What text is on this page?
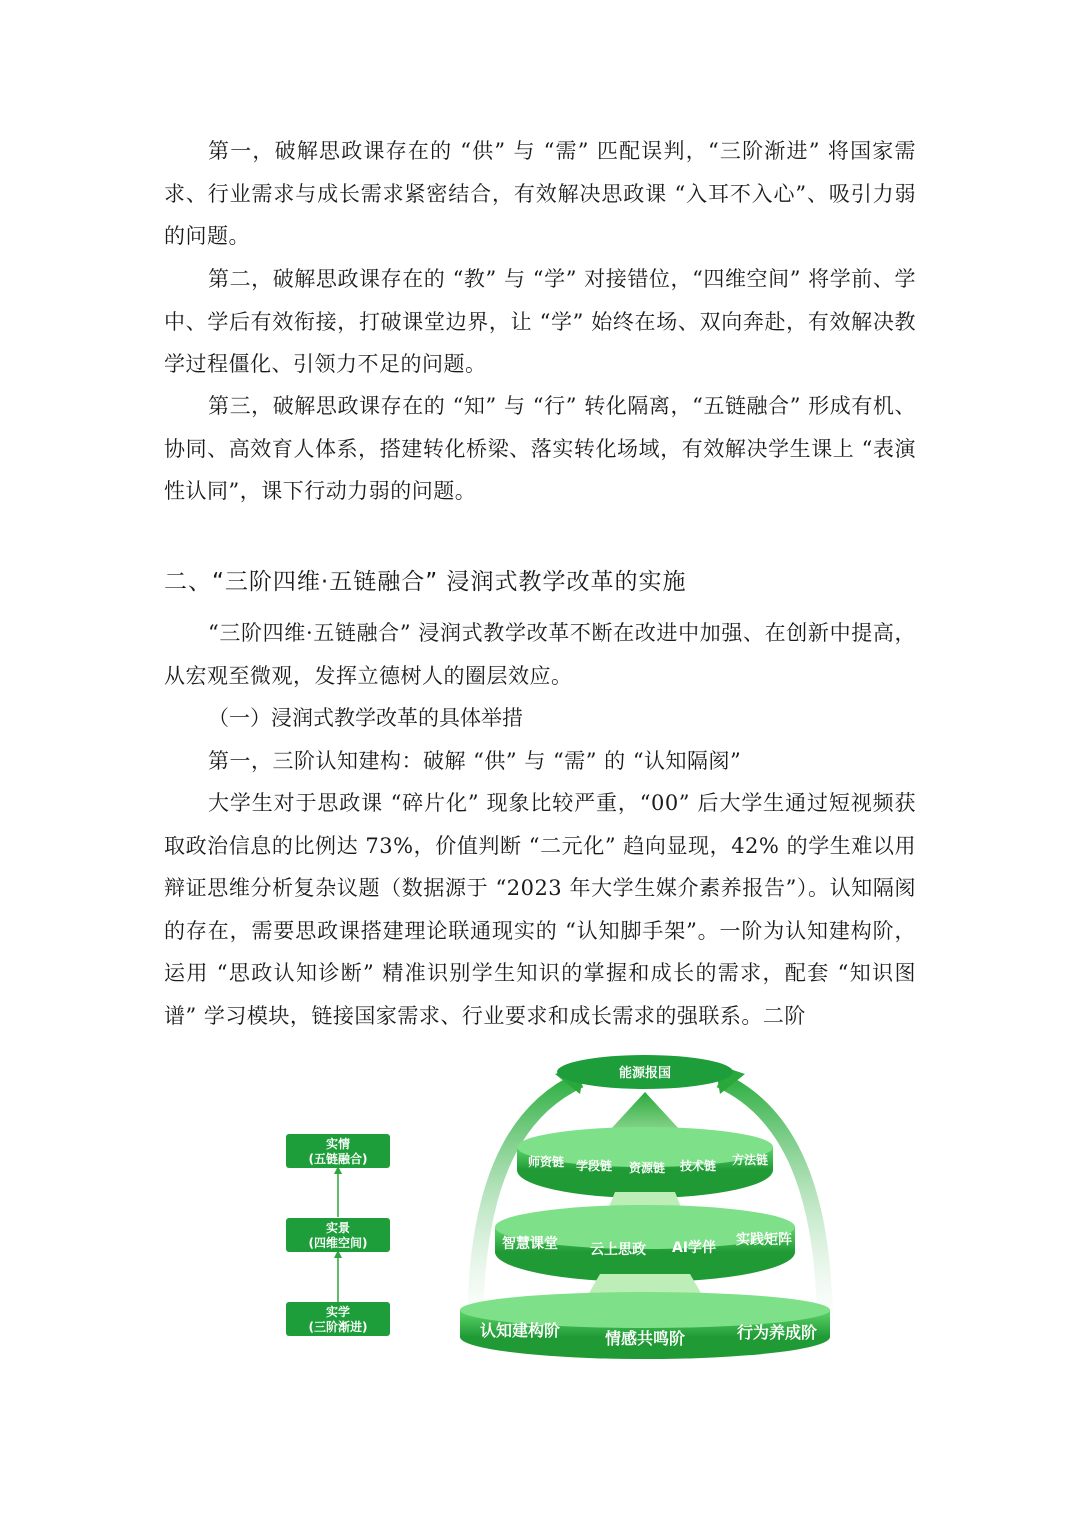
第一，破解思政课存在的 “供” 与 “需” 匹配误判，“三阶渐进” 将国家需求、行业需求与成长需求紧密结合，有效解决思政课 “入耳不入心”、吸引力弱的问题。

第二，破解思政课存在的 “教” 与 “学” 对接错位，“四维空间” 将学前、学中、学后有效衔接，打破课堂边界，让 “学” 始终在场、双向奔赴，有效解决教学过程僵化、引领力不足的问题。

第三，破解思政课存在的 “知” 与 “行” 转化隔离，“五链融合” 形成有机、协同、高效育人体系，搭建转化桥梁、落实转化场域，有效解决学生课上 “表演性认同”，课下行动力弱的问题。

二、“三阶四维·五链融合” 浸润式教学改革的实施

“三阶四维·五链融合” 浸润式教学改革不断在改进中加强、在创新中提高，从宏观至微观，发挥立德树人的圈层效应。

（一）浸润式教学改革的具体举措

第一，三阶认知建构：破解 “供” 与 “需” 的 “认知隔阂”

大学生对于思政课 “碎片化” 现象比较严重，“00” 后大学生通过短视频获取政治信息的比例达 73%，价值判断 “二元化” 趋向显现，42% 的学生难以用辩证思维分析复杂议题（数据源于 “2023 年大学生媒介素养报告”）。认知隔阂的存在，需要思政课搭建理论联通现实的 “认知脚手架”。一阶为认知建构阶，运用 “思政认知诊断” 精准识别学生知识的掌握和成长的需求，配套 “知识图谱” 学习模块，链接国家需求、行业要求和成长需求的强联系。二阶

能源报国
师资链 学段链 资源链 技术链 方法链
智慧课堂 云上思政 AI学伴 实践矩阵
认知建构阶	情感共鸣阶	行为养成阶
实情
(五链融合)
实景
(四维空间)
实学
(三阶渐进)
